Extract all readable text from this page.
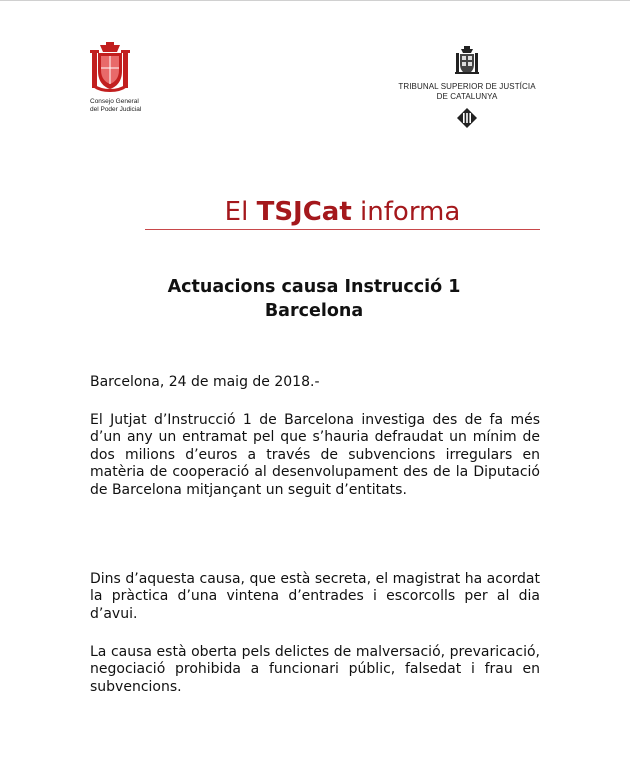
Consejo General
del Poder Judicial
TRIBUNAL SUPERIOR DE JUSTÍCIA
DE CATALUNYA
El TSJCat informa
Actuacions causa Instrucció 1
Barcelona
Barcelona, 24 de maig de 2018.-

El Jutjat d’Instrucció 1 de Barcelona investiga des de fa més d’un any un entramat pel que s’hauria defraudat un mínim de dos milions d’euros a través de subvencions irregulars en matèria de cooperació al desenvolupament des de la Diputació de Barcelona mitjançant un seguit d’entitats.

Dins d’aquesta causa, que està secreta, el magistrat ha acordat la pràctica d’una vintena d’entrades i escorcolls per al dia d’avui.

La causa està oberta pels delictes de malversació, prevaricació, negociació prohibida a funcionari públic, falsedat i frau en subvencions.
